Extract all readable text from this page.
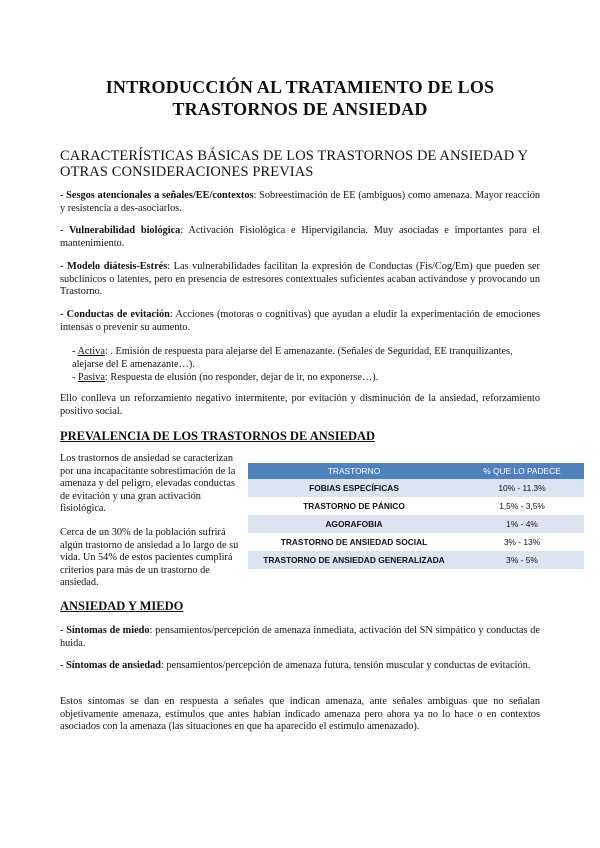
INTRODUCCIÓN AL TRATAMIENTO DE LOS
TRASTORNOS DE ANSIEDAD
CARACTERÍSTICAS BÁSICAS DE LOS TRASTORNOS DE ANSIEDAD Y
OTRAS CONSIDERACIONES PREVIAS
- Sesgos atencionales a señales/EE/contextos: Sobreestimación de EE (ambiguos) como amenaza. Mayor reacción y resistencia a des-asociarlos.
- Vulnerabilidad biológica: Activación Fisiológica e Hipervigilancia. Muy asociadas e importantes para el mantenimiento.
- Modelo diátesis-Estrés: Las vulnerabilidades facilitan la expresión de Conductas (Fis/Cog/Em) que pueden ser subclínicos o latentes, pero en presencia de estresores contextuales suficientes acaban activándose y provocando un Trastorno.
- Conductas de evitación: Acciones (motoras o cognitivas) que ayudan a eludir la experimentación de emociones intensas o prevenir su aumento.
- Activa: . Emisión de respuesta para alejarse del E amenazante. (Señales de Seguridad, EE tranquilizantes, alejarse del E amenazante…).
- Pasiva: Respuesta de elusión (no responder, dejar de ir, no exponerse…).
Ello conlleva un reforzamiento negativo intermitente, por evitación y disminución de la ansiedad, reforzamiento positivo social.
PREVALENCIA DE LOS TRASTORNOS DE ANSIEDAD
Los trastornos de ansiedad se caracterizan por una incapacitante sobrestimación de la amenaza y del peligro, elevadas conductas de evitación y una gran activación fisiológica.
Cerca de un 30% de la población sufrirá algún trastorno de ansiedad a lo largo de su vida. Un 54% de estos pacientes cumplirá criterios para más de un trastorno de ansiedad.
TRASTORNO	% QUE LO PADECE
FOBIAS ESPECÍFICAS	10% - 11.3%
TRASTORNO DE PÁNICO	1,5% - 3,5%
AGORAFOBIA	1% - 4%
TRASTORNO DE ANSIEDAD SOCIAL	3% - 13%
TRASTORNO DE ANSIEDAD GENERALIZADA	3% - 5%
ANSIEDAD Y MIEDO
- Síntomas de miedo: pensamientos/percepción de amenaza inmediata, activación del SN simpático y conductas de huida.
- Síntomas de ansiedad: pensamientos/percepción de amenaza futura, tensión muscular y conductas de evitación.
Estos síntomas se dan en respuesta a señales que indican amenaza, ante señales ambiguas que no señalan objetivamente amenaza, estímulos que antes habían indicado amenaza pero ahora ya no lo hace o en contextos asociados con la amenaza (las situaciones en que ha aparecido el estímulo amenazado).
